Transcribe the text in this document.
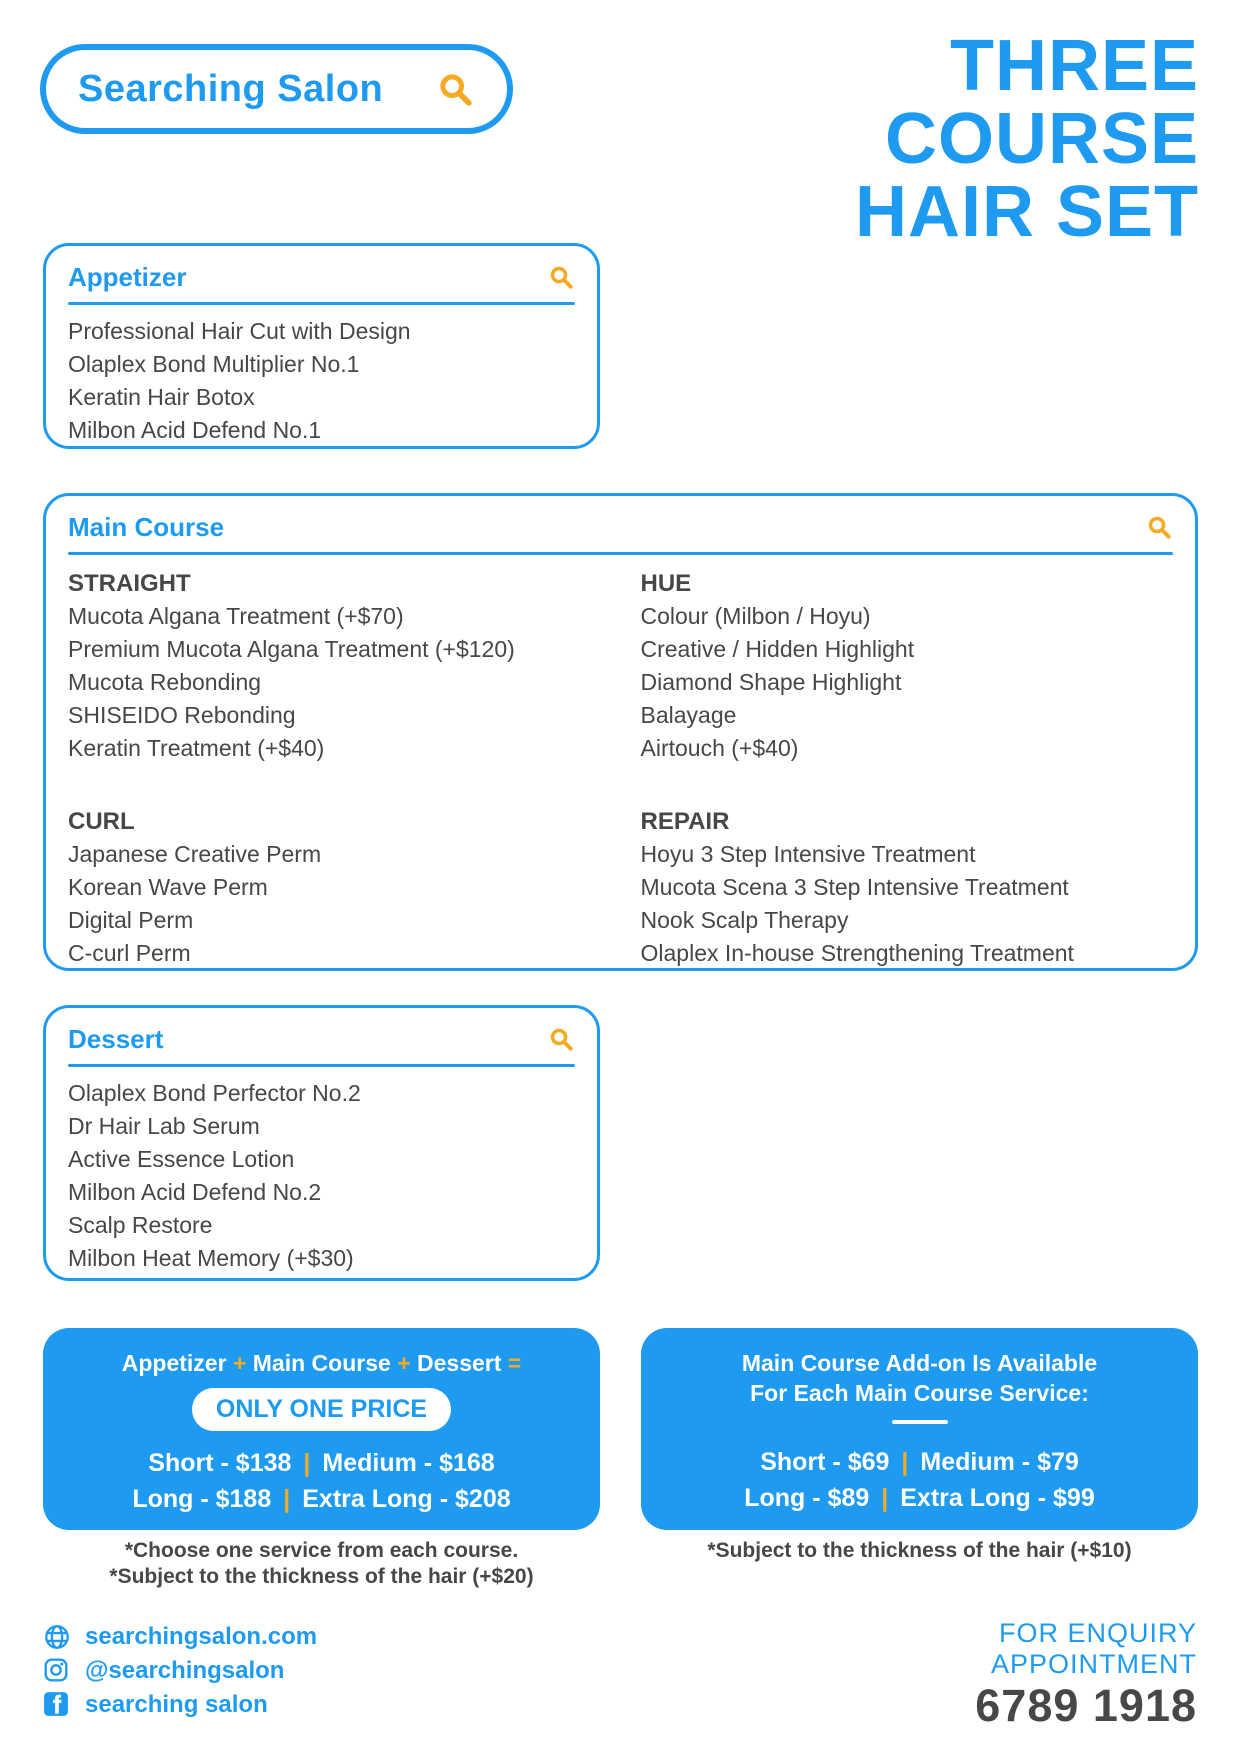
Searching Salon	THREE
COURSE
HAIR SET
Appetizer
Professional Hair Cut with Design
Olaplex Bond Multiplier No.1
Keratin Hair Botox
Milbon Acid Defend No.1
Main Course
STRAIGHT
Mucota Algana Treatment (+$70)
Premium Mucota Algana Treatment (+$120)
Mucota Rebonding
SHISEIDO Rebonding
Keratin Treatment (+$40)
HUE
Colour (Milbon / Hoyu)
Creative / Hidden Highlight
Diamond Shape Highlight
Balayage
Airtouch (+$40)
CURL
Japanese Creative Perm
Korean Wave Perm
Digital Perm
C-curl Perm
REPAIR
Hoyu 3 Step Intensive Treatment
Mucota Scena 3 Step Intensive Treatment
Nook Scalp Therapy
Olaplex In-house Strengthening Treatment
Dessert
Olaplex Bond Perfector No.2
Dr Hair Lab Serum
Active Essence Lotion
Milbon Acid Defend No.2
Scalp Restore
Milbon Heat Memory (+$30)
Appetizer + Main Course + Dessert =
ONLY ONE PRICE
Short - $138 | Medium - $168
Long - $188 | Extra Long - $208
*Choose one service from each course.
*Subject to the thickness of the hair (+$20)
Main Course Add-on Is Available
For Each Main Course Service:
Short - $69 | Medium - $79
Long - $89 | Extra Long - $99
*Subject to the thickness of the hair (+$10)
searchingsalon.com
@searchingsalon
searching salon
FOR ENQUIRY
APPOINTMENT
6789 1918
